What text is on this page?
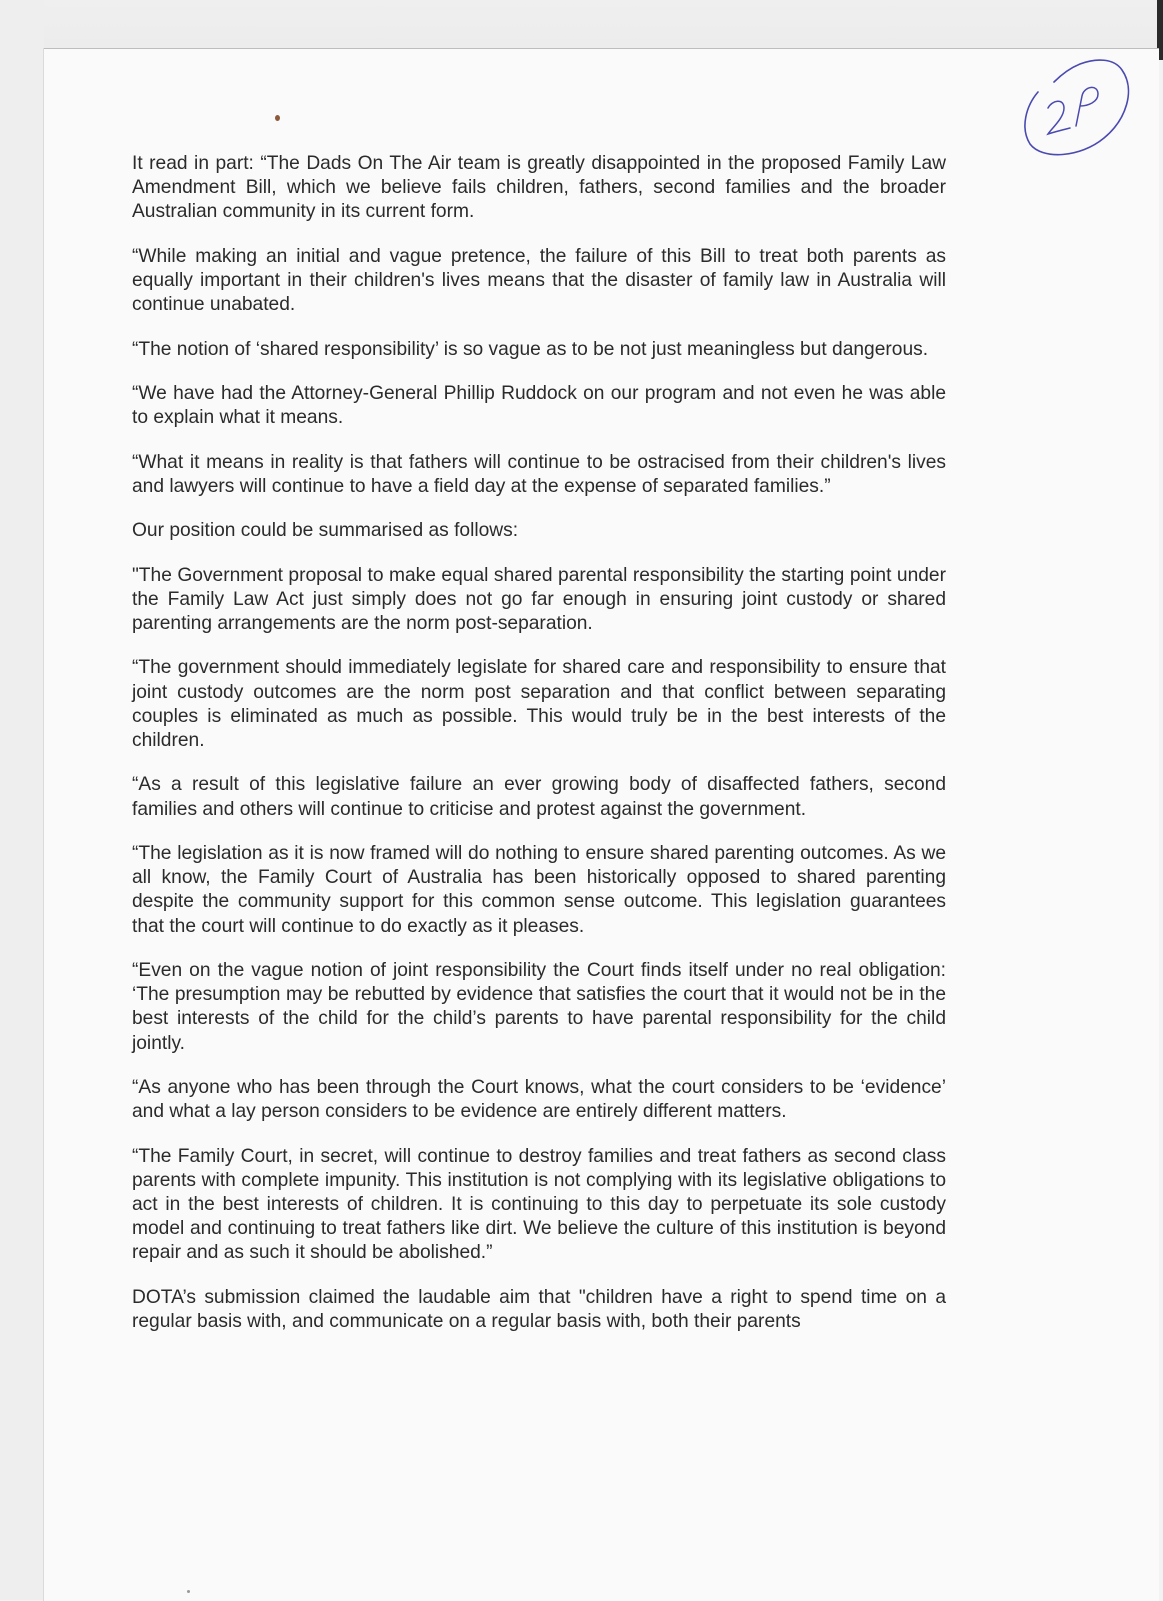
It read in part: “The Dads On The Air team is greatly disappointed in the proposed Family Law Amendment Bill, which we believe fails children, fathers, second families and the broader Australian community in its current form.

“While making an initial and vague pretence, the failure of this Bill to treat both parents as equally important in their children's lives means that the disaster of family law in Australia will continue unabated.

“The notion of ‘shared responsibility’ is so vague as to be not just meaningless but dangerous.

“We have had the Attorney-General Phillip Ruddock on our program and not even he was able to explain what it means.

“What it means in reality is that fathers will continue to be ostracised from their children's lives and lawyers will continue to have a field day at the expense of separated families.”

Our position could be summarised as follows:

"The Government proposal to make equal shared parental responsibility the starting point under the Family Law Act just simply does not go far enough in ensuring joint custody or shared parenting arrangements are the norm post-separation.

“The government should immediately legislate for shared care and responsibility to ensure that joint custody outcomes are the norm post separation and that conflict between separating couples is eliminated as much as possible. This would truly be in the best interests of the children.

“As a result of this legislative failure an ever growing body of disaffected fathers, second families and others will continue to criticise and protest against the government.

“The legislation as it is now framed will do nothing to ensure shared parenting outcomes. As we all know, the Family Court of Australia has been historically opposed to shared parenting despite the community support for this common sense outcome. This legislation guarantees that the court will continue to do exactly as it pleases.

“Even on the vague notion of joint responsibility the Court finds itself under no real obligation: ‘The presumption may be rebutted by evidence that satisfies the court that it would not be in the best interests of the child for the child’s parents to have parental responsibility for the child jointly.

“As anyone who has been through the Court knows, what the court considers to be ‘evidence’ and what a lay person considers to be evidence are entirely different matters.

“The Family Court, in secret, will continue to destroy families and treat fathers as second class parents with complete impunity. This institution is not complying with its legislative obligations to act in the best interests of children. It is continuing to this day to perpetuate its sole custody model and continuing to treat fathers like dirt. We believe the culture of this institution is beyond repair and as such it should be abolished.”

DOTA’s submission claimed the laudable aim that "children have a right to spend time on a regular basis with, and communicate on a regular basis with, both their parents
